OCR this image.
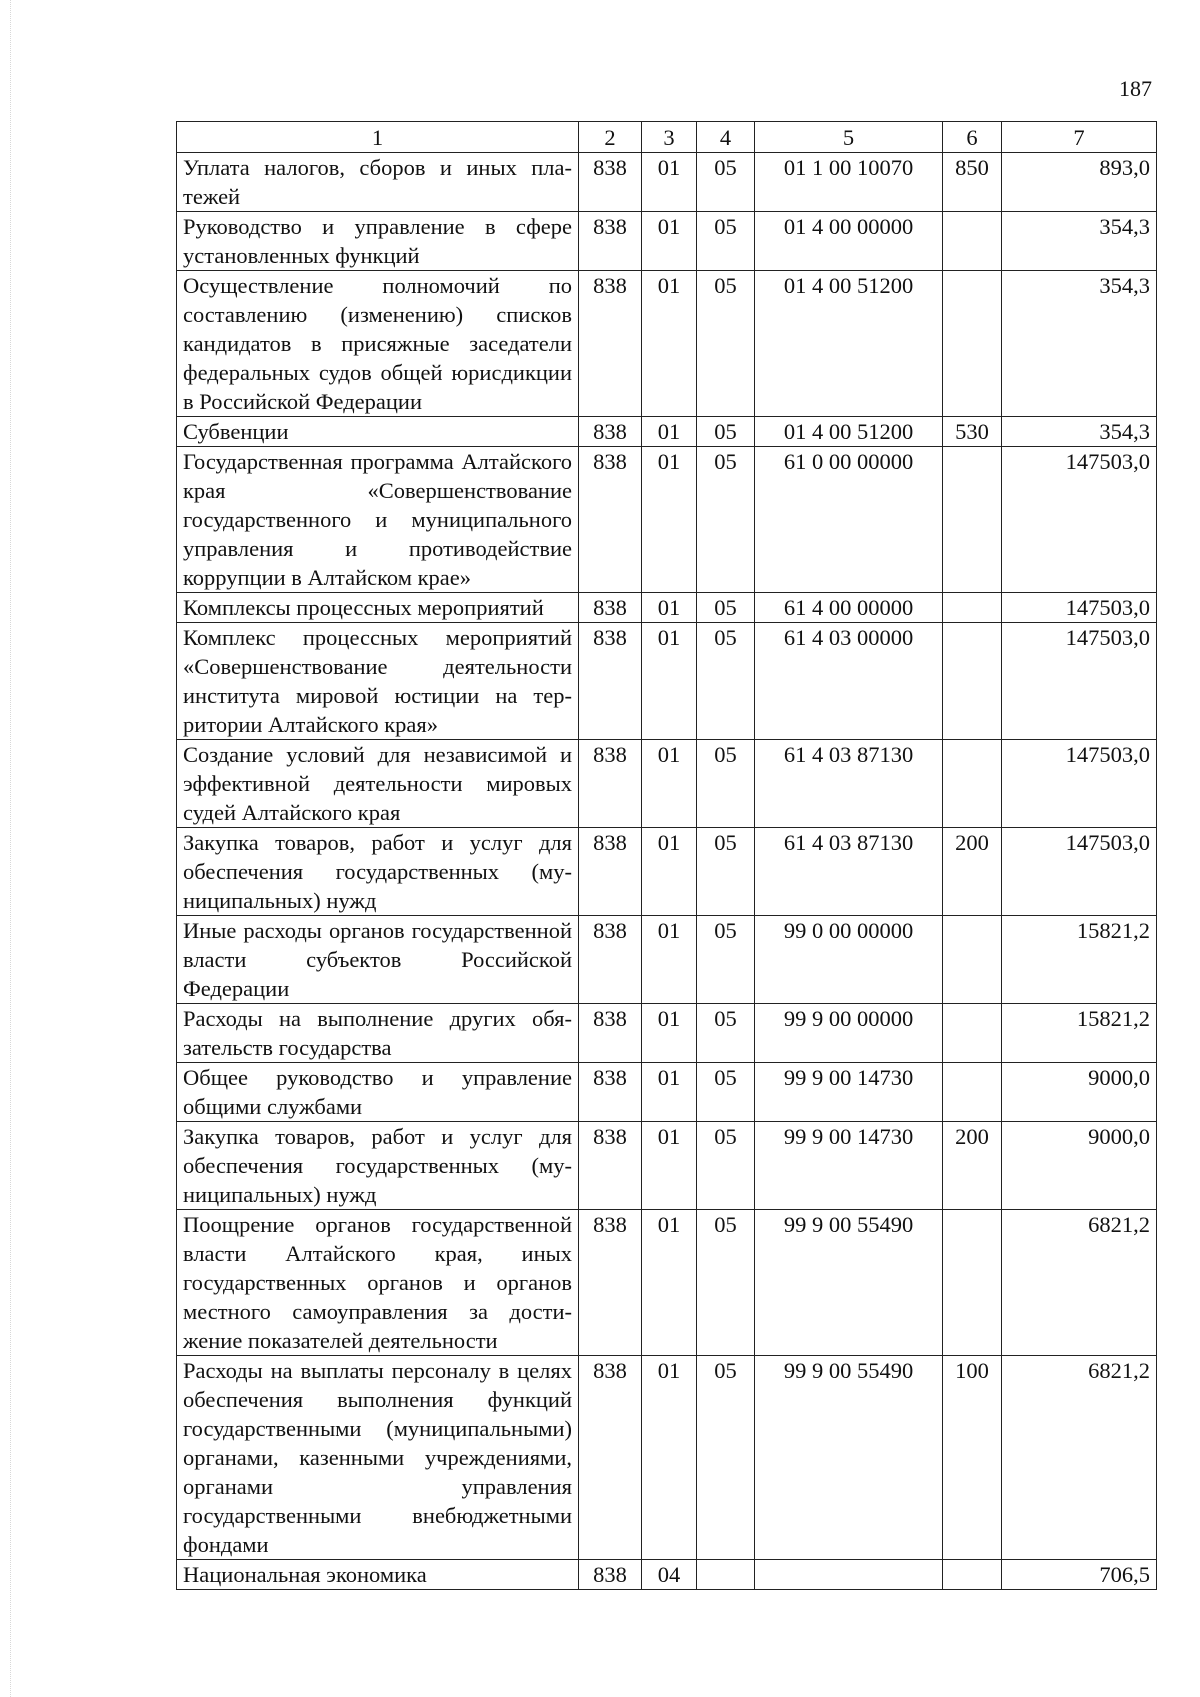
187
1	2	3	4	5	6	7
Уплата налогов, сборов и иных платежей	838	01	05	01 1 00 10070	850	893,0
Руководство и управление в сфере установленных функций	838	01	05	01 4 00 00000		354,3
Осуществление полномочий по составлению (изменению) списков кандидатов в присяжные заседатели федеральных судов общей юрисдикции в Российской Федерации	838	01	05	01 4 00 51200		354,3
Субвенции	838	01	05	01 4 00 51200	530	354,3
Государственная программа Алтайского края «Совершенствование государственного и муниципального управления и противодействие коррупции в Алтайском крае»	838	01	05	61 0 00 00000		147503,0
Комплексы процессных мероприятий	838	01	05	61 4 00 00000		147503,0
Комплекс процессных мероприятий «Совершенствование деятельности института мировой юстиции на территории Алтайского края»	838	01	05	61 4 03 00000		147503,0
Создание условий для независимой и эффективной деятельности мировых судей Алтайского края	838	01	05	61 4 03 87130		147503,0
Закупка товаров, работ и услуг для обеспечения государственных (муниципальных) нужд	838	01	05	61 4 03 87130	200	147503,0
Иные расходы органов государственной власти субъектов Российской Федерации	838	01	05	99 0 00 00000		15821,2
Расходы на выполнение других обязательств государства	838	01	05	99 9 00 00000		15821,2
Общее руководство и управление общими службами	838	01	05	99 9 00 14730		9000,0
Закупка товаров, работ и услуг для обеспечения государственных (муниципальных) нужд	838	01	05	99 9 00 14730	200	9000,0
Поощрение органов государственной власти Алтайского края, иных государственных органов и органов местного самоуправления за достижение показателей деятельности	838	01	05	99 9 00 55490		6821,2
Расходы на выплаты персоналу в целях обеспечения выполнения функций государственными (муниципальными) органами, казенными учреждениями, органами управления государственными внебюджетными фондами	838	01	05	99 9 00 55490	100	6821,2
Национальная экономика	838	04				706,5
